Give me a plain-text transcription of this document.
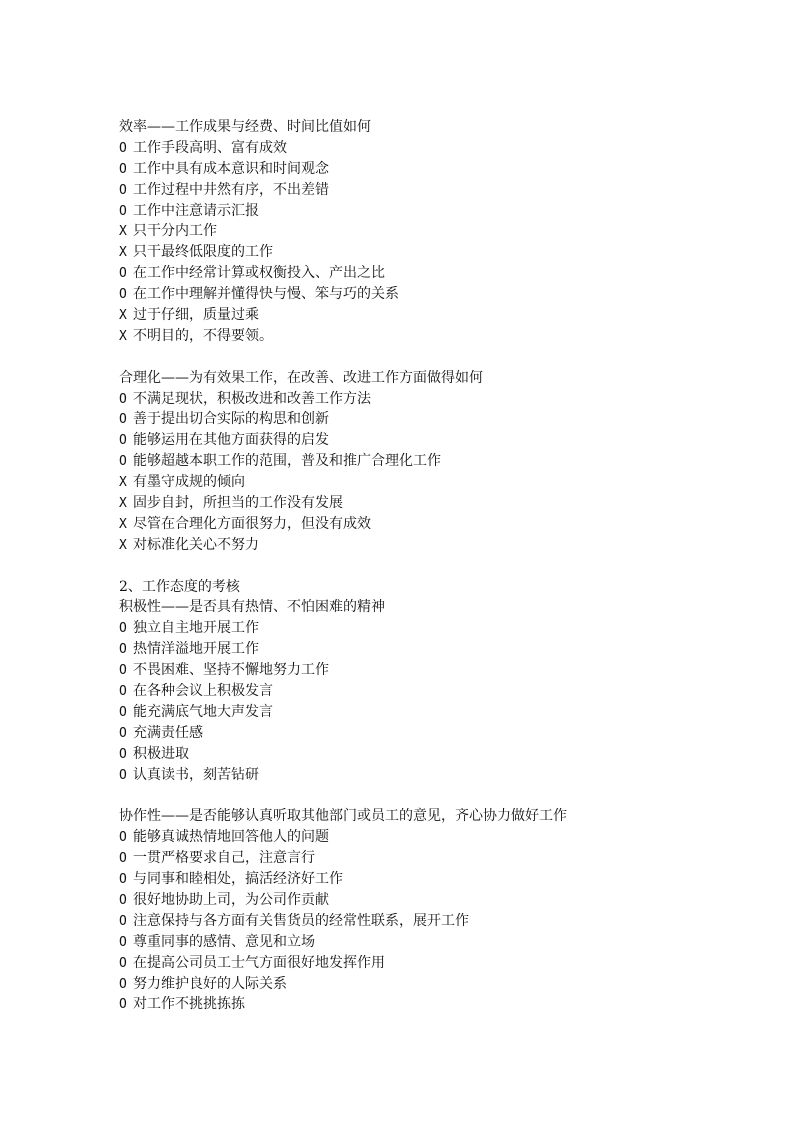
效率——工作成果与经费、时间比值如何
O 工作手段高明、富有成效
O 工作中具有成本意识和时间观念
O 工作过程中井然有序，不出差错
O 工作中注意请示汇报
X 只干分内工作
X 只干最终低限度的工作
O 在工作中经常计算或权衡投入、产出之比
O 在工作中理解并懂得快与慢、笨与巧的关系
X 过于仔细，质量过乘
X 不明目的，不得要领。
合理化——为有效果工作，在改善、改进工作方面做得如何
O 不满足现状，积极改进和改善工作方法
O 善于提出切合实际的构思和创新
O 能够运用在其他方面获得的启发
O 能够超越本职工作的范围，普及和推广合理化工作
X 有墨守成规的倾向
X 固步自封，所担当的工作没有发展
X 尽管在合理化方面很努力，但没有成效
X 对标准化关心不努力
2、工作态度的考核
积极性——是否具有热情、不怕困难的精神
O 独立自主地开展工作
O 热情洋溢地开展工作
O 不畏困难、坚持不懈地努力工作
O 在各种会议上积极发言
O 能充满底气地大声发言
O 充满责任感
O 积极进取
O 认真读书，刻苦钻研
协作性——是否能够认真听取其他部门或员工的意见，齐心协力做好工作
O 能够真诚热情地回答他人的问题
O 一贯严格要求自己，注意言行
O 与同事和睦相处，搞活经济好工作
O 很好地协助上司，为公司作贡献
O 注意保持与各方面有关售货员的经常性联系，展开工作
O 尊重同事的感情、意见和立场
O 在提高公司员工士气方面很好地发挥作用
O 努力维护良好的人际关系
O 对工作不挑挑拣拣
